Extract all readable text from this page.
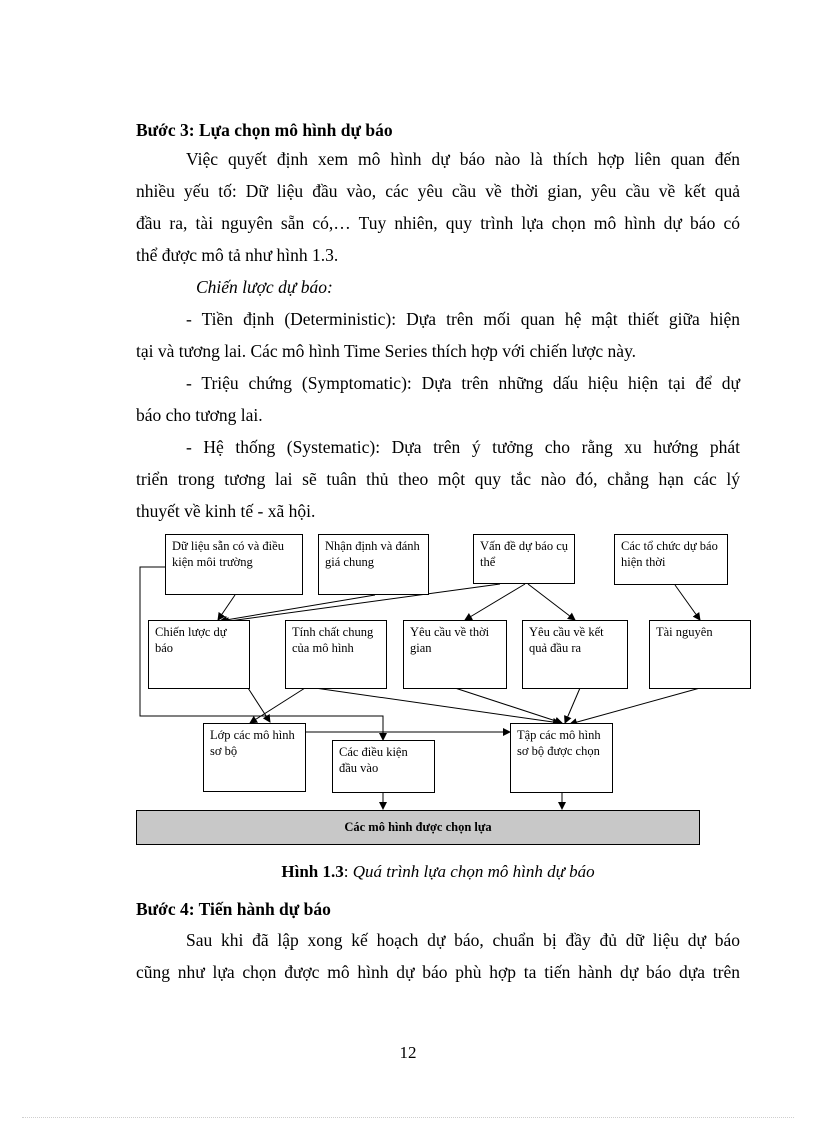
Bước 3: Lựa chọn mô hình dự báo
Việc quyết định xem mô hình dự báo nào là thích hợp liên quan đến
nhiều yếu tố: Dữ liệu đầu vào, các yêu cầu về thời gian, yêu cầu về kết quả
đầu ra, tài nguyên sẵn có,… Tuy nhiên, quy trình lựa chọn mô hình dự báo có
thể được mô tả như hình 1.3.
Chiến lược dự báo:
- Tiền định (Deterministic): Dựa trên mối quan hệ mật thiết giữa hiện
tại và tương lai. Các mô hình Time Series thích hợp với chiến lược này.
- Triệu chứng (Symptomatic): Dựa trên những dấu hiệu hiện tại để dự
báo cho tương lai.
- Hệ thống (Systematic): Dựa trên ý tưởng cho rằng xu hướng phát
triển trong tương lai sẽ tuân thủ theo một quy tắc nào đó, chẳng hạn các lý
thuyết về kinh tế - xã hội.
Dữ liệu sẵn có và điều kiện môi trường
Nhận định và đánh giá chung
Vấn đề dự báo cụ thể
Các tổ chức dự báo hiện thời
Chiến lược dự báo
Tính chất chung của mô hình
Yêu cầu về thời gian
Yêu cầu về kết quả đầu ra
Tài nguyên
Lớp các mô hình sơ bộ	Các điều kiện đầu vào
Tập các mô hình sơ bộ được chọn
Các mô hình được chọn lựa
Hình 1.3: Quá trình lựa chọn mô hình dự báo
Bước 4: Tiến hành dự báo
Sau khi đã lập xong kế hoạch dự báo, chuẩn bị đầy đủ dữ liệu dự báo
cũng như lựa chọn được mô hình dự báo phù hợp ta tiến hành dự báo dựa trên
12
